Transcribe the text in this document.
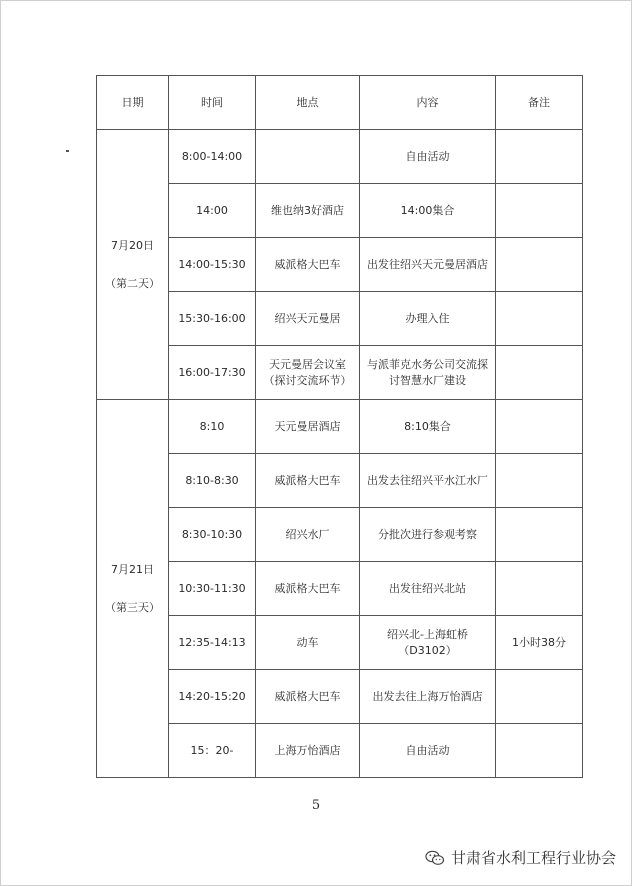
日期	时间	地点	内容	备注

7月20日
（第二天）	8:00-14:00		自由活动	
	14:00	维也纳3好酒店	14:00集合	
	14:00-15:30	威派格大巴车	出发往绍兴天元曼居酒店	
	15:30-16:00	绍兴天元曼居	办理入住	
	16:00-17:30	天元曼居会议室（探讨交流环节）	与派菲克水务公司交流探讨智慧水厂建设	

7月21日
（第三天）	8:10	天元曼居酒店	8:10集合	
	8:10-8:30	威派格大巴车	出发去往绍兴平水江水厂	
	8:30-10:30	绍兴水厂	分批次进行参观考察	
	10:30-11:30	威派格大巴车	出发往绍兴北站	
	12:35-14:13	动车	绍兴北-上海虹桥（D3102）	1小时38分
	14:20-15:20	威派格大巴车	出发去往上海万怡酒店	
	15：20-	上海万怡酒店	自由活动	
5
甘肃省水利工程行业协会
